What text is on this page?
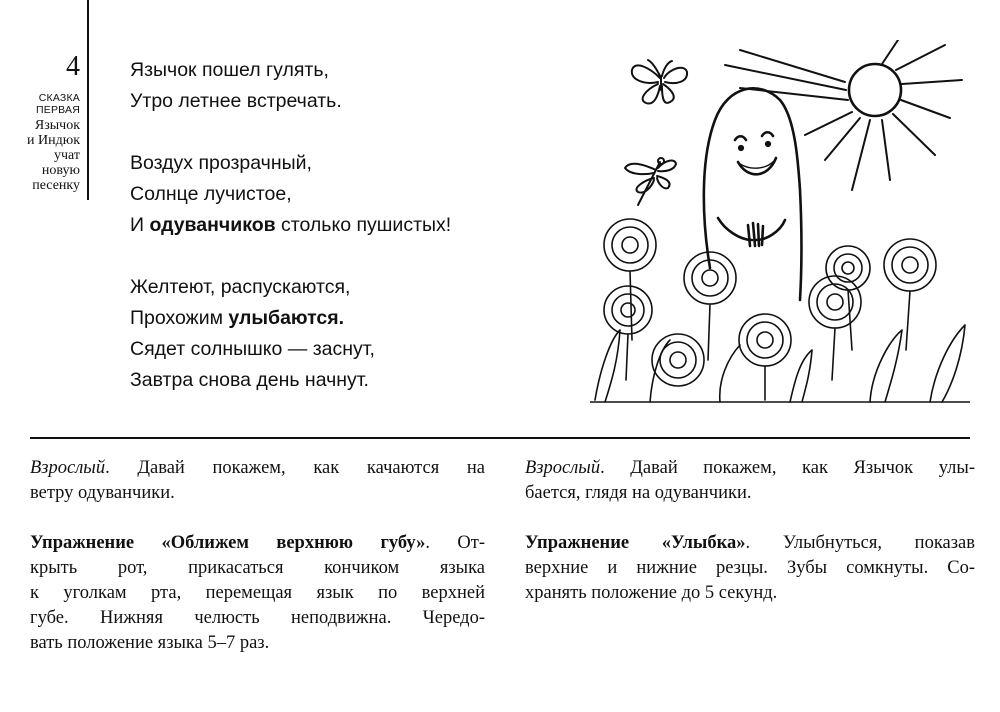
4
СКАЗКА
ПЕРВАЯ
Язычок
и Индюк
учат
новую
песенку
Язычок пошел гулять,
Утро летнее встречать.
Воздух прозрачный,
Солнце лучистое,
И одуванчиков столько пушистых!
Желтеют, распускаются,
Прохожим улыбаются.
Сядет солнышко — заснут,
Завтра снова день начнут.

Взрослый. Давай покажем, как качаются на
ветру одуванчики.

Упражнение «Оближем верхнюю губу». От-
крыть рот, прикасаться кончиком языка
к уголкам рта, перемещая язык по верхней
губе. Нижняя челюсть неподвижна. Чередо-
вать положение языка 5–7 раз.

Взрослый. Давай покажем, как Язычок улы-
бается, глядя на одуванчики.

Упражнение «Улыбка». Улыбнуться, показав
верхние и нижние резцы. Зубы сомкнуты. Со-
хранять положение до 5 секунд.
